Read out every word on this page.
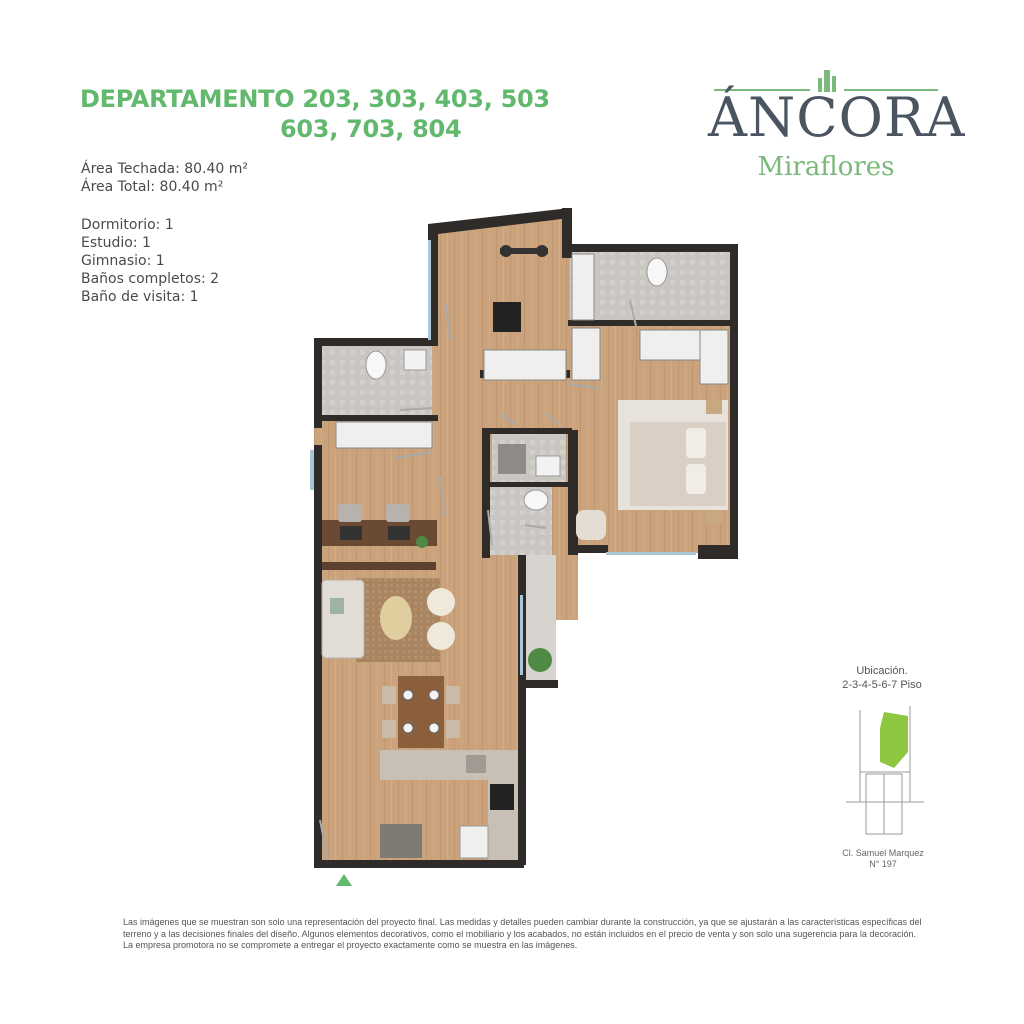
DEPARTAMENTO 203, 303, 403, 503
603, 703, 804
Área Techada: 80.40 m²
Área Total: 80.40 m²
Dormitorio: 1
Estudio: 1
Gimnasio: 1
Baños completos: 2
Baño de visita: 1
ÁNCORA
Miraflores
Ubicación.
2-3-4-5-6-7 Piso
Cl. Samuel Marquez
N° 197
Las imágenes que se muestran son solo una representación del proyecto final. Las medidas y detalles pueden cambiar durante la construcción, ya que se ajustarán a las características específicas del terreno y a las decisiones finales del diseño. Algunos elementos decorativos, como el mobiliario y los acabados, no están incluidos en el precio de venta y son solo una sugerencia para la decoración. La empresa promotora no se compromete a entregar el proyecto exactamente como se muestra en las imágenes.
